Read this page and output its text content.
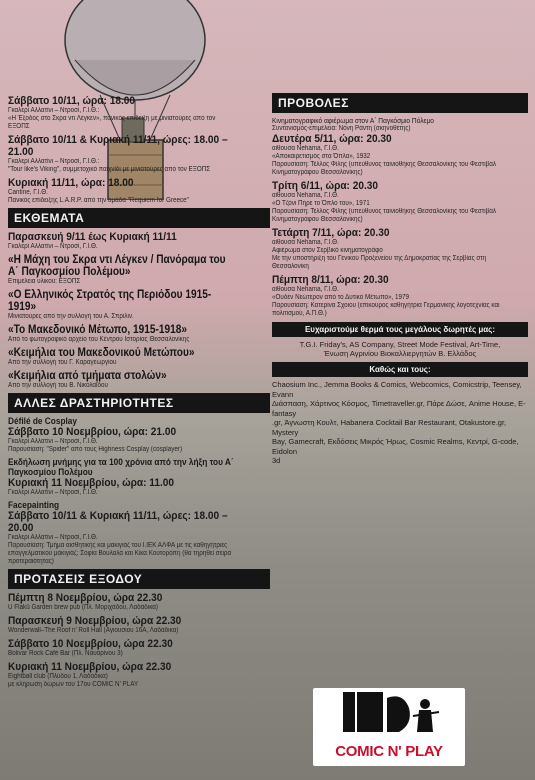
Σάββατο 10/11, ώρα: 18.00
Γκαλερί Αλλατίνι – Ντροσί, Γ.Ι.Θ.:
«Η Έξοδος στο Σκρα ντι Λέγκεν», πανικός επίδειξη με μινιατούρες από τον
ΕΞΟΠΣ
Σάββατο 10/11 & Κυριακή 11/11, ώρες: 18.00 – 21.00
Γκαλερί Αλλατίνι – Ντροσί, Γ.Ι.Θ.:
"Tour like's Viking", συμμετοχικό παιχνίδι με μινιατούρες από τον ΕΞΟΠΣ
Κυριακή 11/11, ώρα: 18.00
Cantine, Γ.Ι.Θ.
Πανικός επίδειξης L.A.R.P. από την ομάδα "Requiem for Greece"
ΕΚΘΕΜΑΤΑ
Παρασκευή 9/11 έως Κυριακή 11/11
Γκαλερί Αλλατίνι – Ντροσί, Γ.Ι.Θ.
«Η Μάχη του Σκρα ντι Λέγκεν / Πανόραμα του Α΄ Παγκοσμίου Πολέμου»
Επιμέλεια υλικού: ΕΞΟΠΣ
«Ο Ελληνικός Στρατός της Περιόδου 1915-1919»
Μινιατούρες από την συλλογή του Α. Σπρίλιν.
«Το Μακεδονικό Μέτωπο, 1915-1918»
Από το φωτογραφικό αρχείο του Κέντρου Ιστορίας Θεσσαλονίκης
«Κειμήλια του Μακεδονικού Μετώπου»
Από την συλλογή του Γ. Καραγεωργίου
«Κειμήλια από τμήματα στολών»
Από την συλλογή του Β. Νικολαΐδου
ΑΛΛΕΣ ΔΡΑΣΤΗΡΙΟΤΗΤΕΣ
Défilé de Cosplay
Σάββατο 10 Νοεμβρίου, ώρα: 21.00
Γκαλερί Αλλατίνι – Ντροσί, Γ.Ι.Θ.
Παρουσίαση: "Spider" από τους Highness Cosplay (cosplayer)
Εκδήλωση μνήμης για τα 100 χρόνια από την λήξη του Α΄ Παγκοσμίου Πολέμου
Κυριακή 11 Νοεμβρίου, ώρα: 11.00
Γκαλερί Αλλατίνι – Ντροσί, Γ.Ι.Θ.
Facepainting
Σάββατο 10/11 & Κυριακή 11/11, ώρες: 18.00 – 20.00
Γκαλερί Αλλατίνι – Ντροσί, Γ.Ι.Θ.
Παρουσίαση: Τμήμα αισθητικής και μακιγιάζ του Ι.ΙΕΚ ΑΛΦΑ με τις καθηγήτριες
επαγγελματικού μακιγιάζ: Σοφία Βουλαλά και Κίκα Κουτορόπη (θα τηρηθεί σειρά
προτεραιότητας)
ΠΡΟΤΑΣΕΙΣ ΕΞΟΔΟΥ
Πέμπτη 8 Νοεμβρίου, ώρα 22.30
U Flakü Garden brew pub (Πλ. Μοριχάδου, Λαδάδικα)
Παρασκευή 9 Νοεμβρίου, ώρα 22.30
Wonderwall–The Roof n' Roll Hall (Αγιουσιου 16Α, Λαδάδικα)
Σάββατο 10 Νοεμβρίου, ώρα 22.30
Bolivar Rock Café Bar (Πλ. Ναυαρίνου 3)
Κυριακή 11 Νοεμβρίου, ώρα 22.30
Eightball club (Πλύδου 1, Λαδάδικα)
με κλήρωση δώρων του 17ου COMIC N' PLAY
ΠΡΟΒΟΛΕΣ
Κινηματογραφικό αφιέρωμα στον Α΄ Παγκόσμιο Πόλεμο
Συντονισμός-επιμέλεια: Νόνη Ράντη (σκηνοθέτης)
Δευτέρα 5/11, ώρα: 20.30
αίθουσα Nehama, Γ.Ι.Θ.
«Αποκαιρετισμός στα Όπλα», 1932
Παρουσίαση: Τέλλος Φίλης (υπεύθυνος ταινιοθήκης Θεσσαλονίκης του Φεστιβάλ
Κινηματογράφου Θεσσαλονίκης)
Τρίτη 6/11, ώρα: 20.30
αίθουσα Nehama, Γ.Ι.Θ.
«Ο Τζόνι Πήρε το Όπλο του», 1971
Παρουσίαση: Τέλλος Φίλης (υπεύθυνος ταινιοθήκης Θεσσαλονίκης του Φεστιβάλ
Κινηματογράφου Θεσσαλονίκης)
Τετάρτη 7/11, ώρα: 20.30
αίθουσα Nehama, Γ.Ι.Θ.
Αφιέρωμα στον Σερβικό κινηματογράφο
Με την υποστήριξη του Γενικού Προξενείου της Δημοκρατίας της Σερβίας στη
Θεσσαλονίκη
Πέμπτη 8/11, ώρα: 20.30
αίθουσα Nehama, Γ.Ι.Θ.
«Ουδέν Νεώτερον από το Δυτικό Μέτωπο», 1979
Παρουσίαση: Κατερίνα Σχοιου (επίκουρος καθηγήτρια Γερμανικής λογοτεχνίας και
πολιτισμού, Α.Π.Θ.)
Ευχαριστούμε θερμά τους μεγάλους δωρητές μας:
T.G.I. Friday's, AS Company, Street Mode Festival, Art-Time,
Ένωση Αγρινίου Βιοκαλλιεργητών Β. Ελλάδος
Καθώς και τους:
Chaosium Inc., Jemma Books & Comics, Webcomics, Comicstrip, Teensey, Evann
Διάσπαση, Χάρτινος Κόσμος, Timetraveller.gr, Πάρε Δώσε, Anime House, E-fantasy
.gr, Άγνωστη Κουλτ, Habanera Cocktail Bar Restaurant, Otakustore.gr, Mystery
Bay, Gamecraft, Εκδόσεις Μικρός Ήρως, Cosmic Realms, Κεντρί, G-code, Eidolon
3d
COMIC N' PLAY
